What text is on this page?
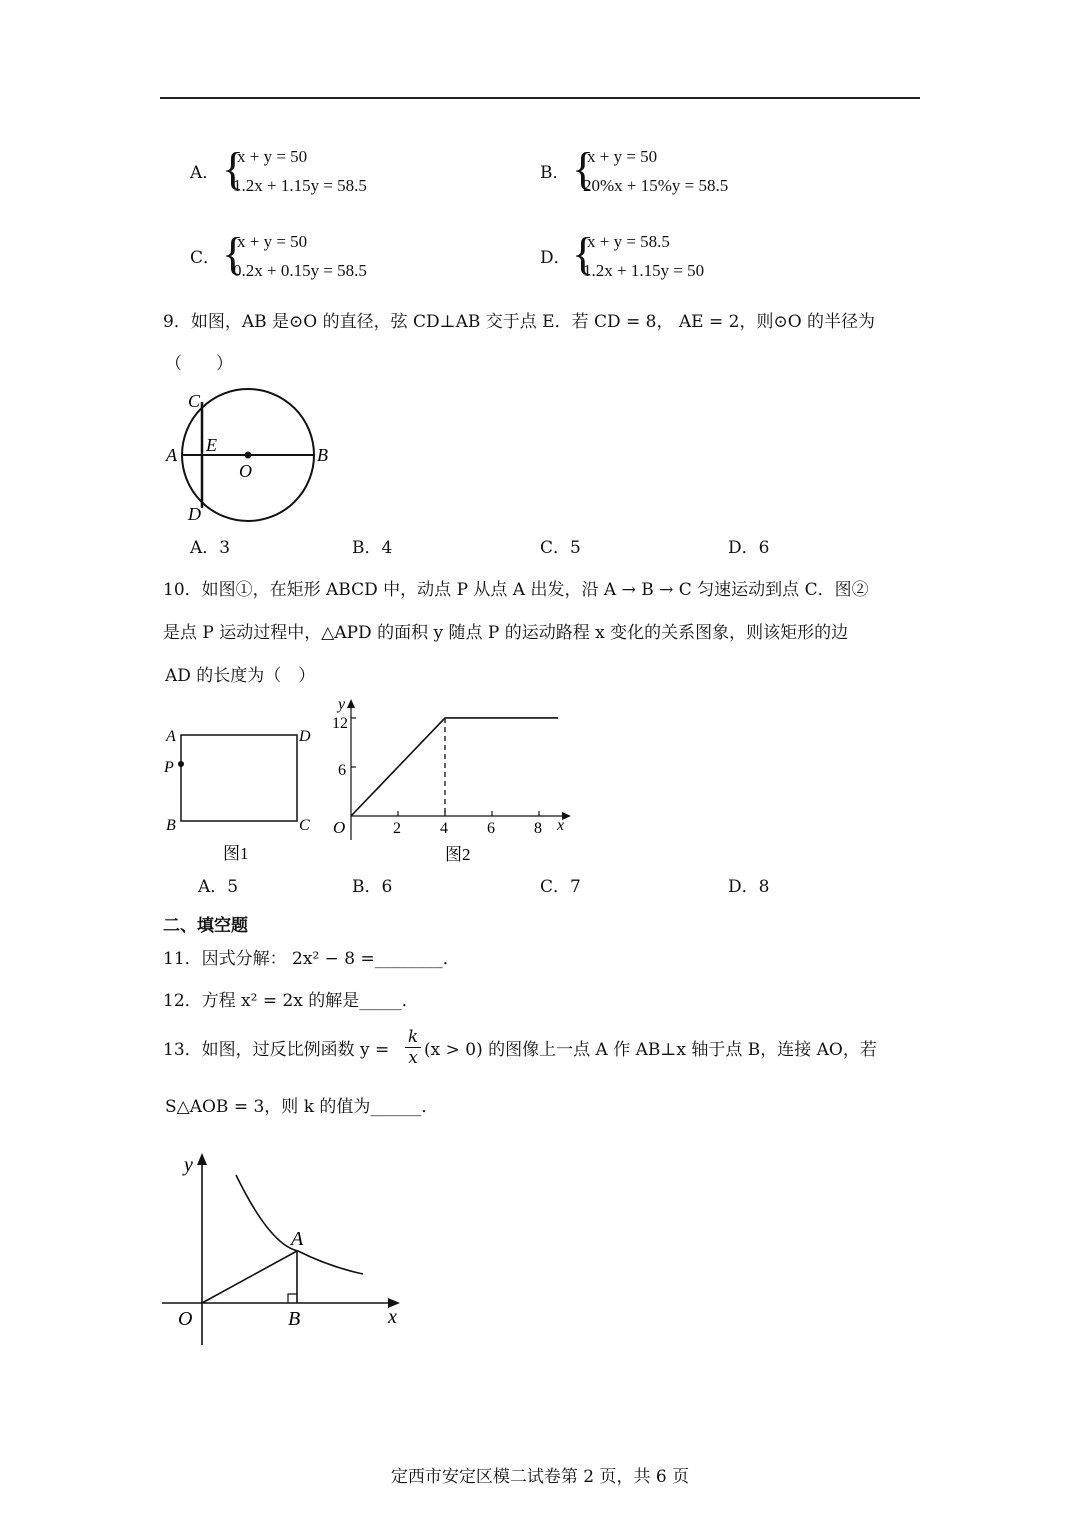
A． {
x + y = 50
1.2x + 1.15y = 58.5
B． {
x + y = 50
20%x + 15%y = 58.5
C． {
x + y = 50
0.2x + 0.15y = 58.5
D． {
x + y = 58.5
1.2x + 1.15y = 50
9．如图，AB 是⊙O 的直径，弦 CD⊥AB 交于点 E．若 CD = 8， AE = 2，则⊙O 的半径为
（　　）
C
E
A
O
B
D
A．3	B．4	C．5	D．6
10．如图①，在矩形 ABCD 中，动点 P 从点 A 出发，沿 A → B → C 匀速运动到点 C．图②
是点 P 运动过程中，△APD 的面积 y 随点 P 的运动路程 x 变化的关系图象，则该矩形的边
AD 的长度为（　）
A	D
P
B	C
图1
y
x
O
12
6
2 4 6 8
图2
A．5	B．6	C．7	D．8
二、填空题
11．因式分解： 2x² − 8 =________．
12．方程 x² = 2x 的解是_____．
13．如图，过反比例函数 $y = \frac{k}{x} (x > 0)$ 的图像上一点 A 作 AB⊥x 轴于点 B，连接 AO，若
S△AOB = 3，则 k 的值为______．
y
A
O	B	x
定西市安定区模二试卷第 2 页，共 6 页
